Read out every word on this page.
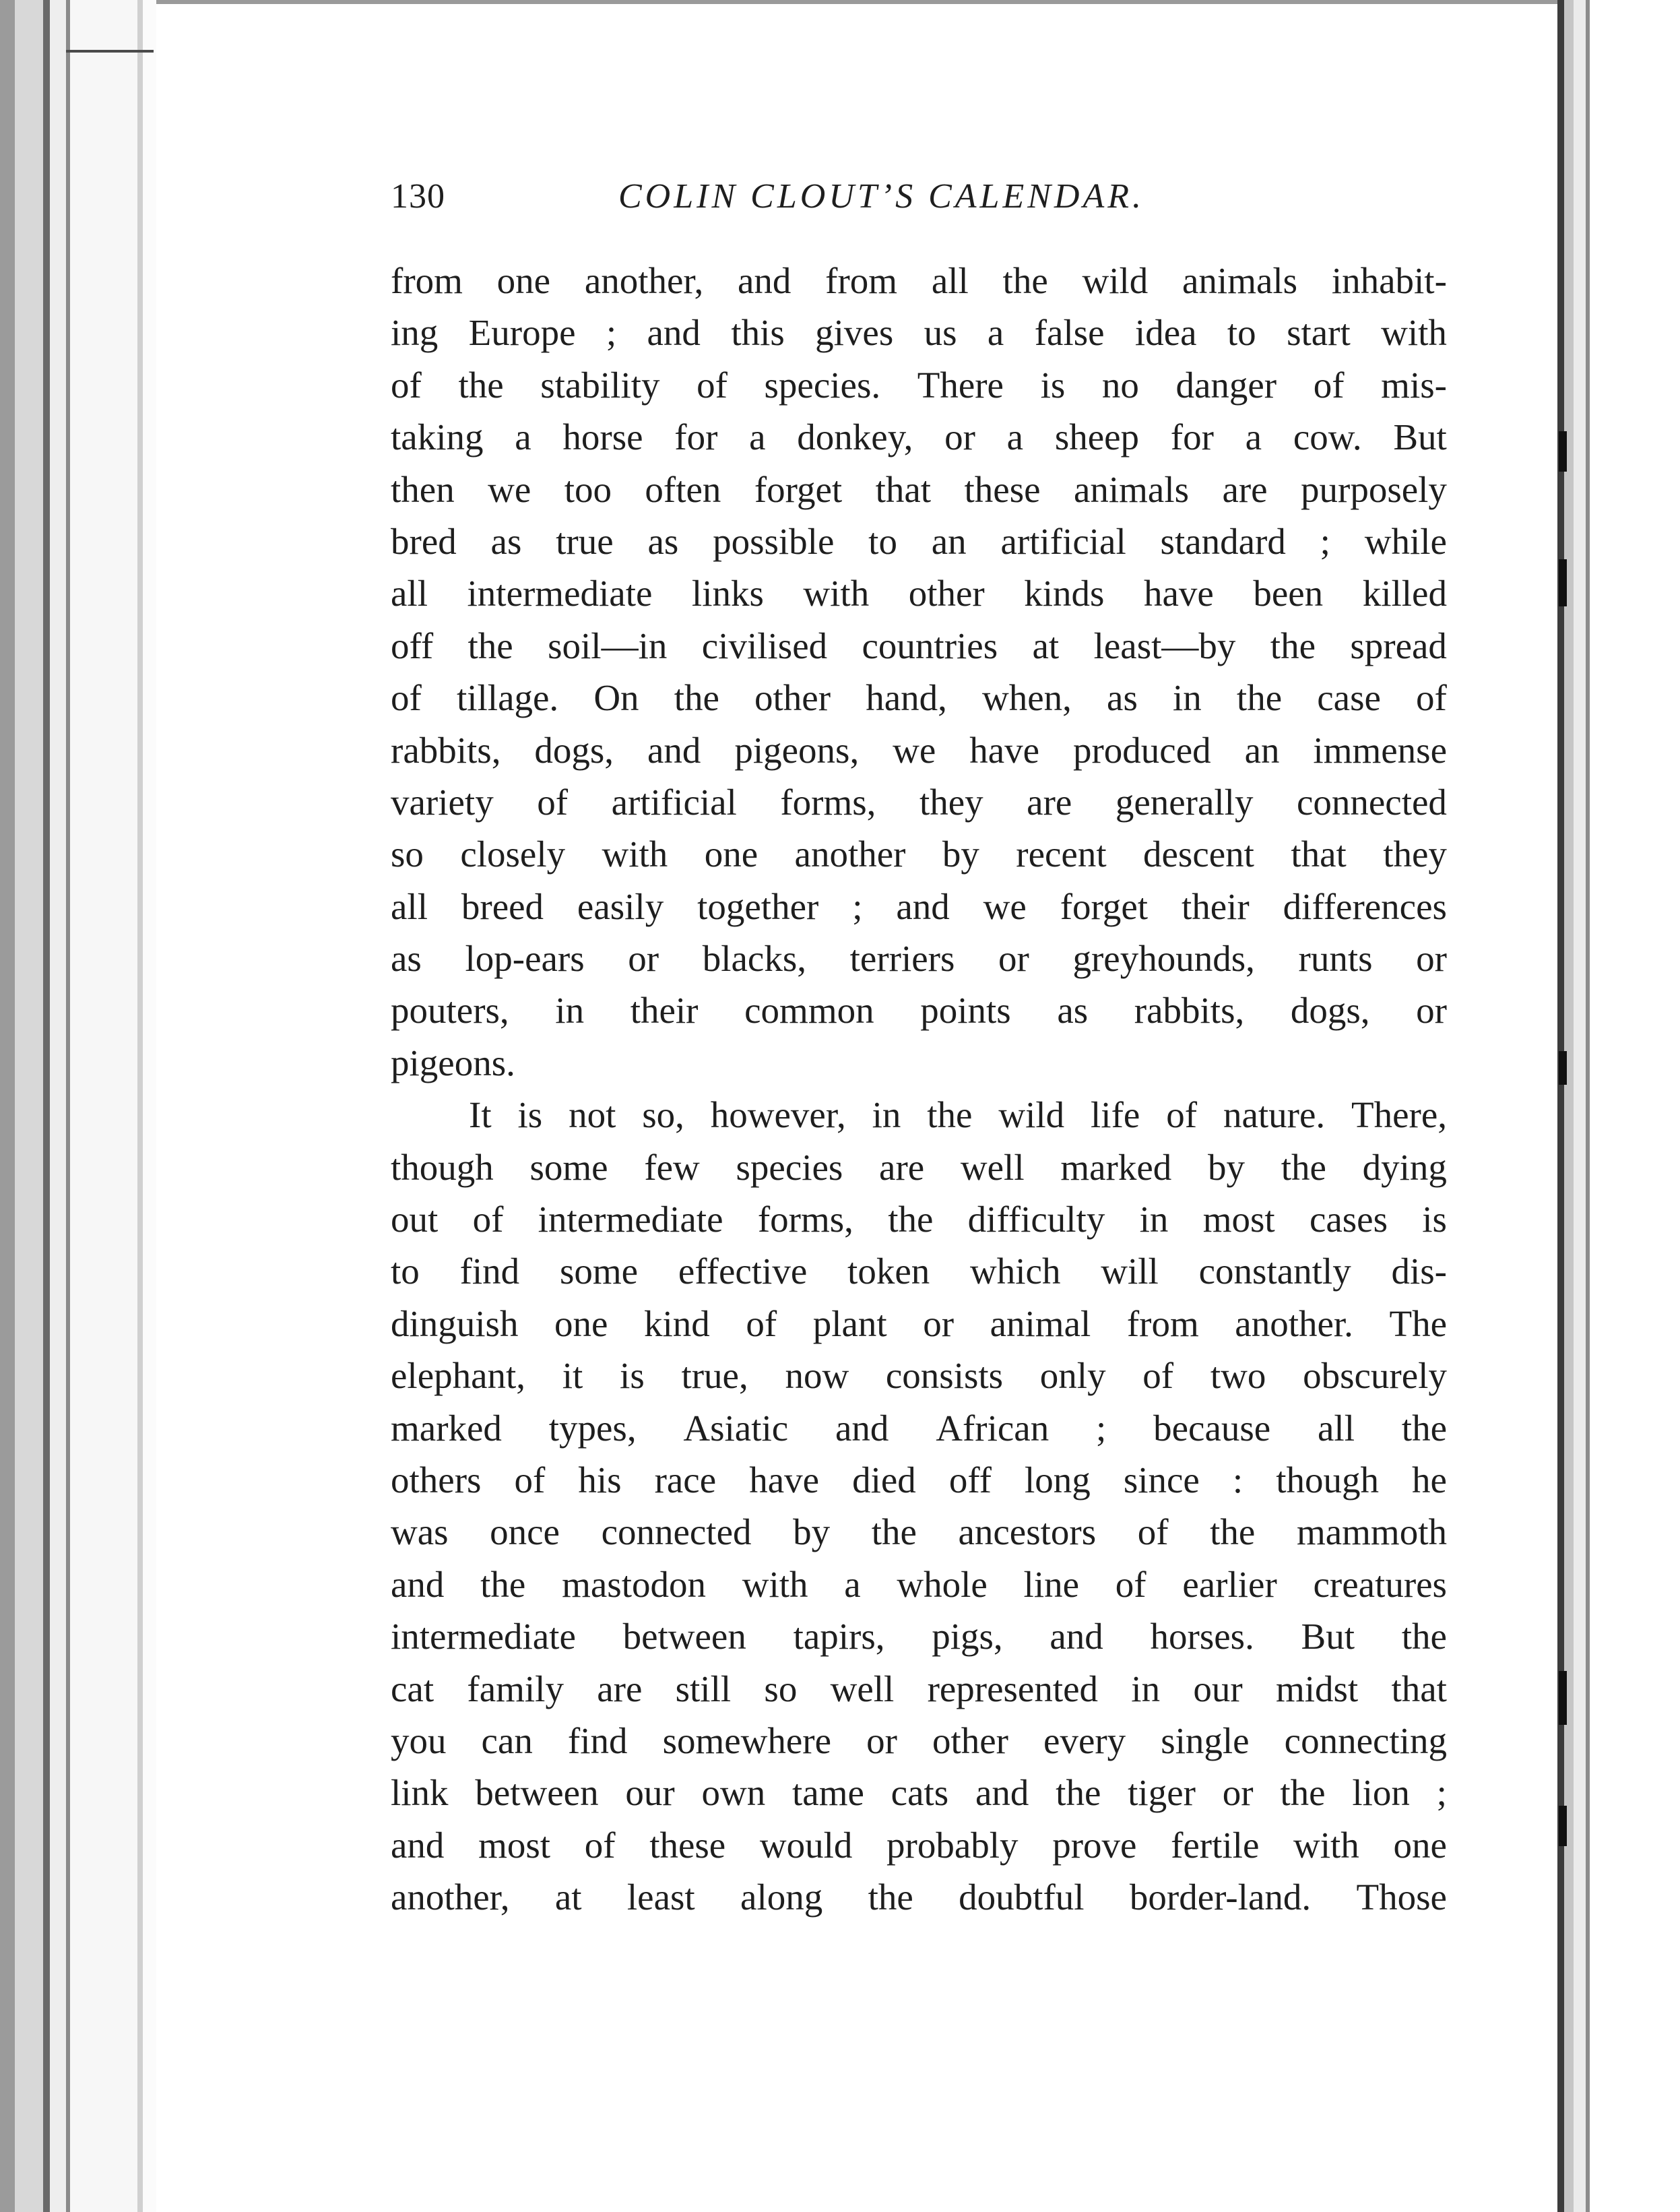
130	COLIN CLOUT’S CALENDAR.
from one another, and from all the wild animals inhabit-
ing Europe ; and this gives us a false idea to start with
of the stability of species. There is no danger of mis-
taking a horse for a donkey, or a sheep for a cow. But
then we too often forget that these animals are purposely
bred as true as possible to an artificial standard ; while
all intermediate links with other kinds have been killed
off the soil—in civilised countries at least—by the spread
of tillage. On the other hand, when, as in the case of
rabbits, dogs, and pigeons, we have produced an immense
variety of artificial forms, they are generally connected
so closely with one another by recent descent that they
all breed easily together ; and we forget their differences
as lop-ears or blacks, terriers or greyhounds, runts or
pouters, in their common points as rabbits, dogs, or
pigeons.
It is not so, however, in the wild life of nature. There,
though some few species are well marked by the dying
out of intermediate forms, the difficulty in most cases is
to find some effective token which will constantly dis-
dinguish one kind of plant or animal from another. The
elephant, it is true, now consists only of two obscurely
marked types, Asiatic and African ; because all the
others of his race have died off long since : though he
was once connected by the ancestors of the mammoth
and the mastodon with a whole line of earlier creatures
intermediate between tapirs, pigs, and horses. But the
cat family are still so well represented in our midst that
you can find somewhere or other every single connecting
link between our own tame cats and the tiger or the lion ;
and most of these would probably prove fertile with one
another, at least along the doubtful border-land. Those
